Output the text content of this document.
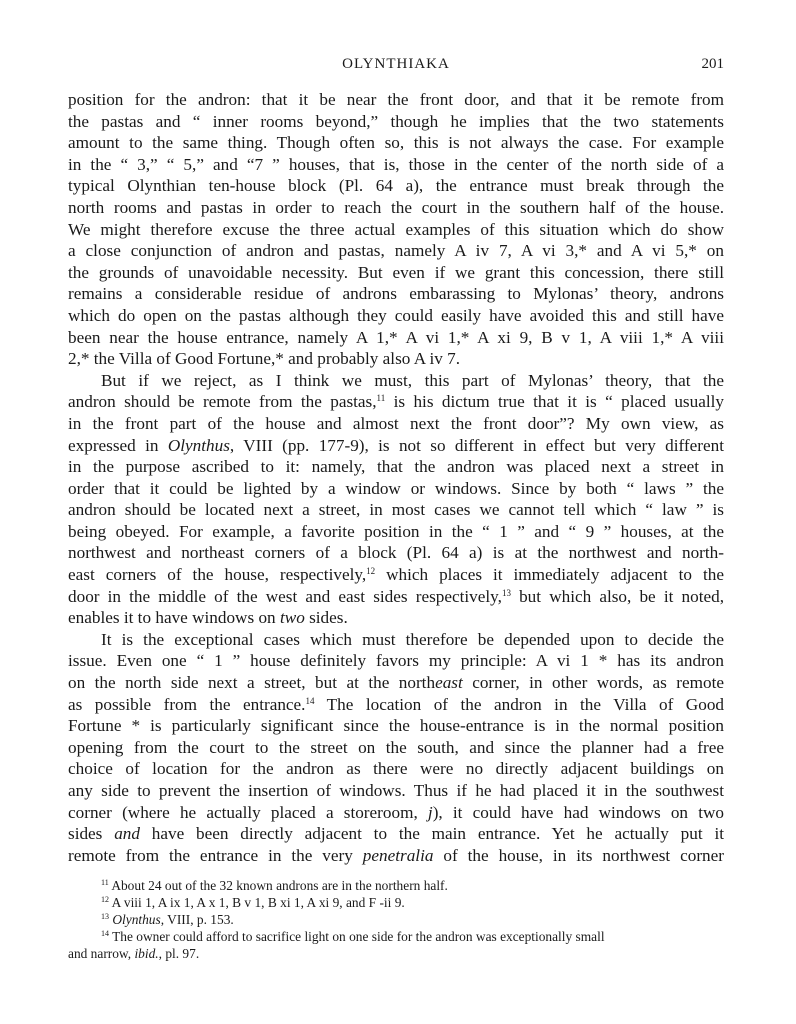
OLYNTHIAKA	201
position for the andron: that it be near the front door, and that it be remote from
the pastas and “ inner rooms beyond,” though he implies that the two statements
amount to the same thing. Though often so, this is not always the case. For example
in the “ 3,” “ 5,” and “7 ” houses, that is, those in the center of the north side of a
typical Olynthian ten-house block (Pl. 64 a), the entrance must break through the
north rooms and pastas in order to reach the court in the southern half of the house.
We might therefore excuse the three actual examples of this situation which do show
a close conjunction of andron and pastas, namely A iv 7, A vi 3,* and A vi 5,* on
the grounds of unavoidable necessity. But even if we grant this concession, there still
remains a considerable residue of androns embarassing to Mylonas’ theory, androns
which do open on the pastas although they could easily have avoided this and still have
been near the house entrance, namely A 1,* A vi 1,* A xi 9, B v 1, A viii 1,* A viii
2,* the Villa of Good Fortune,* and probably also A iv 7.
But if we reject, as I think we must, this part of Mylonas’ theory, that the
andron should be remote from the pastas,$^{11}$ is his dictum true that it is “ placed usually
in the front part of the house and almost next the front door”? My own view, as
expressed in Olynthus, VIII (pp. 177-9), is not so different in effect but very different
in the purpose ascribed to it: namely, that the andron was placed next a street in
order that it could be lighted by a window or windows. Since by both “ laws ” the
andron should be located next a street, in most cases we cannot tell which “ law ” is
being obeyed. For example, a favorite position in the “ 1 ” and “ 9 ” houses, at the
northwest and northeast corners of a block (Pl. 64 a) is at the northwest and north-
east corners of the house, respectively,$^{12}$ which places it immediately adjacent to the
door in the middle of the west and east sides respectively,$^{13}$ but which also, be it noted,
enables it to have windows on two sides.
It is the exceptional cases which must therefore be depended upon to decide the
issue. Even one “ 1 ” house definitely favors my principle: A vi 1 * has its andron
on the north side next a street, but at the northeast corner, in other words, as remote
as possible from the entrance.$^{14}$ The location of the andron in the Villa of Good
Fortune * is particularly significant since the house-entrance is in the normal position
opening from the court to the street on the south, and since the planner had a free
choice of location for the andron as there were no directly adjacent buildings on
any side to prevent the insertion of windows. Thus if he had placed it in the southwest
corner (where he actually placed a storeroom, j), it could have had windows on two
sides and have been directly adjacent to the main entrance. Yet he actually put it
remote from the entrance in the very penetralia of the house, in its northwest corner
$^{11}$ About 24 out of the 32 known androns are in the northern half.
$^{12}$ A viii 1, A ix 1, A x 1, B v 1, B xi 1, A xi 9, and F -ii 9.
$^{13}$ Olynthus, VIII, p. 153.
$^{14}$ The owner could afford to sacrifice light on one side for the andron was exceptionally small
and narrow, ibid., pl. 97.
